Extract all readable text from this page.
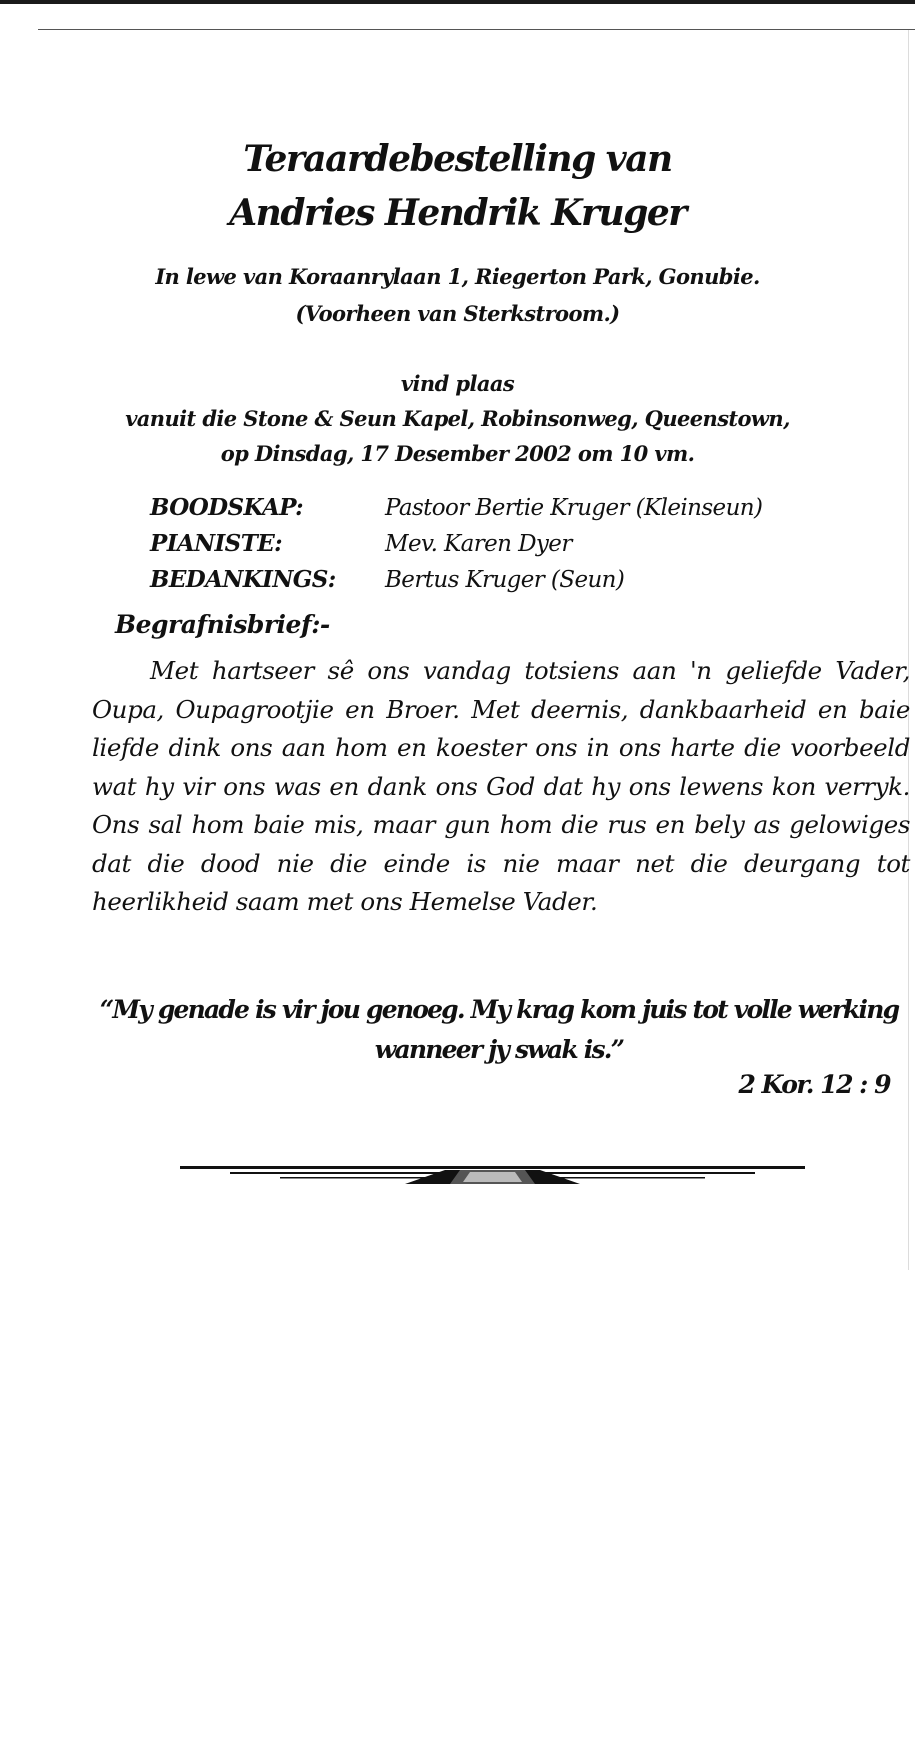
Teraardebestelling van
Andries Hendrik Kruger

In lewe van Koraanrylaan 1, Riegerton Park, Gonubie.

(Voorheen van Sterkstroom.)

vind plaas

vanuit die Stone & Seun Kapel, Robinsonweg, Queenstown,

op Dinsdag, 17 Desember 2002 om 10 vm.

BOODSKAP:	Pastoor Bertie Kruger (Kleinseun)
PIANISTE:	Mev. Karen Dyer
BEDANKINGS: Bertus Kruger (Seun)
Begrafnisbrief:-

Met hartseer sê ons vandag totsiens aan 'n geliefde Vader, Oupa, Oupagrootjie en Broer. Met deernis, dankbaarheid en baie liefde dink ons aan hom en koester ons in ons harte die voorbeeld wat hy vir ons was en dank ons God dat hy ons lewens kon verryk. Ons sal hom baie mis, maar gun hom die rus en bely as gelowiges dat die dood nie die einde is nie maar net die deurgang tot heerlikheid saam met ons Hemelse Vader.

“My genade is vir jou genoeg. My krag kom juis tot volle werking wanneer jy swak is.”

2 Kor. 12 : 9
